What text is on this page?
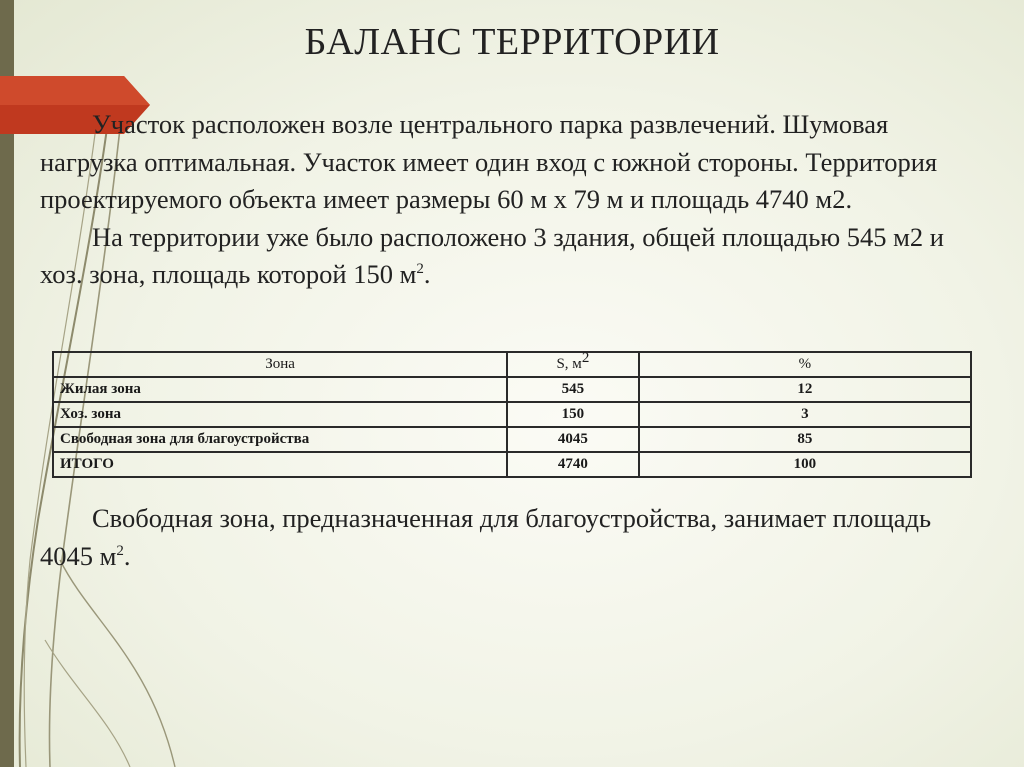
БАЛАНС ТЕРРИТОРИИ

Участок расположен возле центрального парка развлечений. Шумовая нагрузка оптимальная. Участок имеет один вход с южной стороны. Территория проектируемого объекта имеет размеры 60 м х 79 м и площадь 4740 м2.

На территории уже было расположено 3 здания, общей площадью 545 м2 и хоз. зона, площадь которой 150 $м^2$.

Зона	S, $м^2$	%
Жилая зона	545	12
Хоз. зона	150	3
Свободная зона для благоустройства	4045	85
ИТОГО	4740	100

Свободная зона, предназначенная для благоустройства, занимает площадь 4045 $м^2$.
